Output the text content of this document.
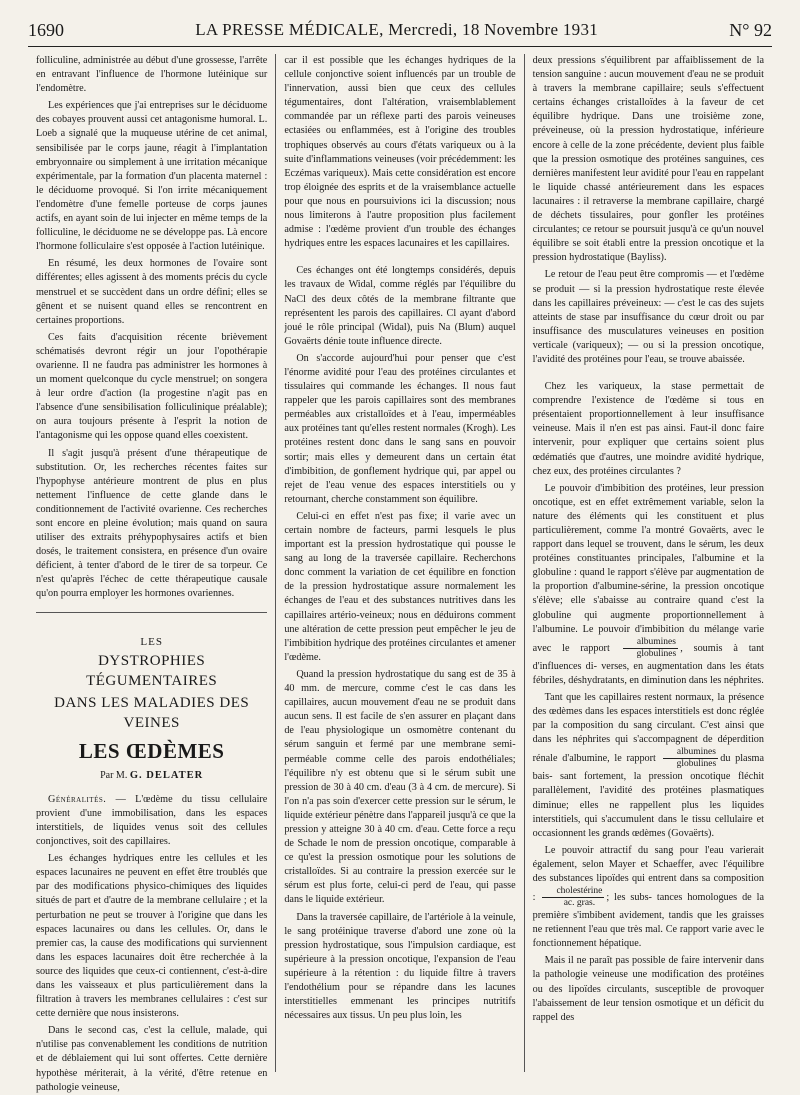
1690	LA PRESSE MÉDICALE, Mercredi, 18 Novembre 1931	N° 92

folliculine, administrée au début d'une grossesse, l'arrête en entravant l'influence de l'hormone lutéinique sur l'endomètre.

Les expériences que j'ai entreprises sur le déciduome des cobayes prouvent aussi cet antagonisme humoral. L. Loeb a signalé que la muqueuse utérine de cet animal, sensibilisée par le corps jaune, réagit à l'implantation embryonnaire ou simplement à une irritation mécanique expérimentale, par la formation d'un placenta maternel : le déciduome provoqué. Si l'on irrite mécaniquement l'endomètre d'une femelle porteuse de corps jaunes actifs, en ayant soin de lui injecter en même temps de la folliculine, le déciduome ne se développe pas. Là encore l'hormone folliculaire s'est opposée à l'action lutéinique.

En résumé, les deux hormones de l'ovaire sont différentes; elles agissent à des moments précis du cycle menstruel et se succèdent dans un ordre défini; elles se gênent et se nuisent quand elles se rencontrent en certaines proportions.

Ces faits d'acquisition récente brièvement schématisés devront régir un jour l'opothérapie ovarienne. Il ne faudra pas administrer les hormones à un moment quelconque du cycle menstruel; on songera à leur ordre d'action (la progestine n'agit pas en l'absence d'une sensibilisation folliculinique préalable); on aura toujours présente à l'esprit la notion de l'antagonisme qui les oppose quand elles coexistent.

Il s'agit jusqu'à présent d'une thérapeutique de substitution. Or, les recherches récentes faites sur l'hypophyse antérieure montrent de plus en plus nettement l'influence de cette glande dans le conditionnement de l'activité ovarienne. Ces recherches sont encore en pleine évolution; mais quand on saura utiliser des extraits préhypophysaires actifs et bien dosés, le traitement consistera, en présence d'un ovaire déficient, à tenter d'abord de le tirer de sa torpeur. Ce n'est qu'après l'échec de cette thérapeutique causale qu'on pourra employer les hormones ovariennes.

LES
DYSTROPHIES TÉGUMENTAIRES
DANS LES MALADIES DES VEINES
LES ŒDÈMES
Par M. G. DELATER

Généralités. — L'œdème du tissu cellulaire provient d'une immobilisation, dans les espaces interstitiels, de liquides venus soit des cellules conjonctives, soit des capillaires.

Les échanges hydriques entre les cellules et les espaces lacunaires ne peuvent en effet être troublés que par des modifications physico-chimiques des liquides situés de part et d'autre de la membrane cellulaire ; et la perturbation ne peut se trouver à l'origine que dans les espaces lacunaires ou dans les cellules. Or, dans le premier cas, la cause des modifications qui surviennent dans les espaces lacunaires doit être recherchée à la source des liquides que ceux-ci contiennent, c'est-à-dire dans les vaisseaux et plus particulièrement dans la filtration à travers les membranes cellulaires : c'est sur cette dernière que nous insisterons.

Dans le second cas, c'est la cellule, malade, qui n'utilise pas convenablement les conditions de nutrition et de déblaiement qui lui sont offertes. Cette dernière hypothèse mériterait, à la vérité, d'être retenue en pathologie veineuse,

car il est possible que les échanges hydriques de la cellule conjonctive soient influencés par un trouble de l'innervation, aussi bien que ceux des cellules tégumentaires, dont l'altération, vraisemblablement commandée par un réflexe parti des parois veineuses ectasiées ou enflammées, est à l'origine des troubles trophiques observés au cours d'états variqueux ou à la suite d'inflammations veineuses (voir précédemment: les Eczémas variqueux). Mais cette considération est encore trop éloignée des esprits et de la vraisemblance actuelle pour que nous en poursuivions ici la discussion; nous nous limiterons à l'autre proposition plus facilement admise : l'œdème provient d'un trouble des échanges hydriques entre les espaces lacunaires et les capillaires.

Ces échanges ont été longtemps considérés, depuis les travaux de Widal, comme réglés par l'équilibre du NaCl des deux côtés de la membrane filtrante que représentent les parois des capillaires. Cl ayant d'abord joué le rôle principal (Widal), puis Na (Blum) auquel Govaërts dénie toute influence directe.

On s'accorde aujourd'hui pour penser que c'est l'énorme avidité pour l'eau des protéines circulantes et tissulaires qui commande les échanges. Il nous faut rappeler que les parois capillaires sont des membranes perméables aux cristalloïdes et à l'eau, imperméables aux protéines tant qu'elles restent normales (Krogh). Les protéines restent donc dans le sang sans en pouvoir sortir; mais elles y demeurent dans un certain état d'imbibition, de gonflement hydrique qui, par appel ou rejet de l'eau venue des espaces interstitiels ou y retournant, cherche constamment son équilibre.

Celui-ci en effet n'est pas fixe; il varie avec un certain nombre de facteurs, parmi lesquels le plus important est la pression hydrostatique qui pousse le sang au long de la traversée capillaire. Recherchons donc comment la variation de cet équilibre en fonction de la pression hydrostatique assure normalement les échanges de l'eau et des substances nutritives dans les capillaires artério-veineux; nous en déduirons comment une altération de cette pression peut empêcher le jeu de l'imbibition hydrique des protéines circulantes et amener l'œdème.

Quand la pression hydrostatique du sang est de 35 à 40 mm. de mercure, comme c'est le cas dans les capillaires, aucun mouvement d'eau ne se produit dans aucun sens. Il est facile de s'en assurer en plaçant dans de l'eau physiologique un osmomètre contenant du sérum sanguin et fermé par une membrane semi-perméable comme celle des parois endothéliales; l'équilibre n'y est obtenu que si le sérum subit une pression de 30 à 40 cm. d'eau (3 à 4 cm. de mercure). Si l'on n'a pas soin d'exercer cette pression sur le sérum, le liquide extérieur pénètre dans l'appareil jusqu'à ce que la pression y atteigne 30 à 40 cm. d'eau. Cette force a reçu de Schade le nom de pression oncotique, comparable à ce qu'est la pression osmotique pour les solutions de cristalloïdes. Si au contraire la pression exercée sur le sérum est plus forte, celui-ci perd de l'eau, qui passe dans le liquide extérieur.

Dans la traversée capillaire, de l'artériole à la veinule, le sang protéinique traverse d'abord une zone où la pression hydrostatique, sous l'impulsion cardiaque, est supérieure à la pression oncotique, l'expansion de l'eau supérieure à la rétention : du liquide filtre à travers l'endothélium pour se répandre dans les lacunes interstitielles emmenant les principes nutritifs nécessaires aux tissus. Un peu plus loin, les

deux pressions s'équilibrent par affaiblissement de la tension sanguine : aucun mouvement d'eau ne se produit à travers la membrane capillaire; seuls s'effectuent certains échanges cristalloïdes à la faveur de cet équilibre hydrique. Dans une troisième zone, préveineuse, où la pression hydrostatique, inférieure encore à celle de la zone précédente, devient plus faible que la pression osmotique des protéines sanguines, ces dernières manifestent leur avidité pour l'eau en rappelant le liquide chassé antérieurement dans les espaces lacunaires : il retraverse la membrane capillaire, chargé de déchets tissulaires, pour gonfler les protéines circulantes; ce retour se poursuit jusqu'à ce qu'un nouvel équilibre se soit établi entre la pression oncotique et la pression hydrostatique (Bayliss).

Le retour de l'eau peut être compromis — et l'œdème se produit — si la pression hydrostatique reste élevée dans les capillaires préveineux: — c'est le cas des sujets atteints de stase par insuffisance du cœur droit ou par insuffisance des musculatures veineuses en position verticale (variqueux); — ou si la pression oncotique, l'avidité des protéines pour l'eau, se trouve abaissée.

Chez les variqueux, la stase permettait de comprendre l'existence de l'œdème si tous en présentaient proportionnellement à leur insuffisance veineuse. Mais il n'en est pas ainsi. Faut-il donc faire intervenir, pour expliquer que certains soient plus œdématiés que d'autres, une moindre avidité hydrique, chez eux, des protéines circulantes ?

Le pouvoir d'imbibition des protéines, leur pression oncotique, est en effet extrêmement variable, selon la nature des éléments qui les constituent et plus particulièrement, comme l'a montré Govaërts, avec le rapport dans lequel se trouvent, dans le sérum, les deux protéines constituantes principales, l'albumine et la globuline : quand le rapport s'élève par augmentation de la proportion d'albumine-sérine, la pression oncotique s'élève; elle s'abaisse au contraire quand c'est la globuline qui augmente proportionnellement à l'albumine. Le pouvoir d'imbibition du mélange varie avec le rapport $\frac{\text{albumines}}{\text{globulines}}$ , soumis à tant d'influences di- verses, en augmentation dans les états fébriles, déshydratants, en diminution dans les néphrites.

Tant que les capillaires restent normaux, la présence des œdèmes dans les espaces interstitiels est donc réglée par la composition du sang circulant. C'est ainsi que dans les néphrites qui s'accompagnent de déperdition rénale d'albumine, le rapport $\frac{\text{albumines}}{\text{globulines}}$ du plasma bais- sant fortement, la pression oncotique fléchit parallèlement, l'avidité des protéines plasmatiques diminue; elles ne rappellent plus les liquides interstitiels, qui s'accumulent dans le tissu cellulaire et occasionnent les grands œdèmes (Govaërts).

Le pouvoir attractif du sang pour l'eau varierait également, selon Mayer et Schaeffer, avec l'équilibre des substances lipoïdes qui entrent dans sa composition : $\frac{\text{cholestérine}}{\text{ac. gras.}}$ ; les subs- tances homologues de la première s'imbibent avidement, tandis que les graisses ne retiennent l'eau que très mal. Ce rapport varie avec le fonctionnement hépatique.

Mais il ne paraît pas possible de faire intervenir dans la pathologie veineuse une modification des protéines ou des lipoïdes circulants, susceptible de provoquer l'abaissement de leur tension osmotique et un déficit du rappel des
